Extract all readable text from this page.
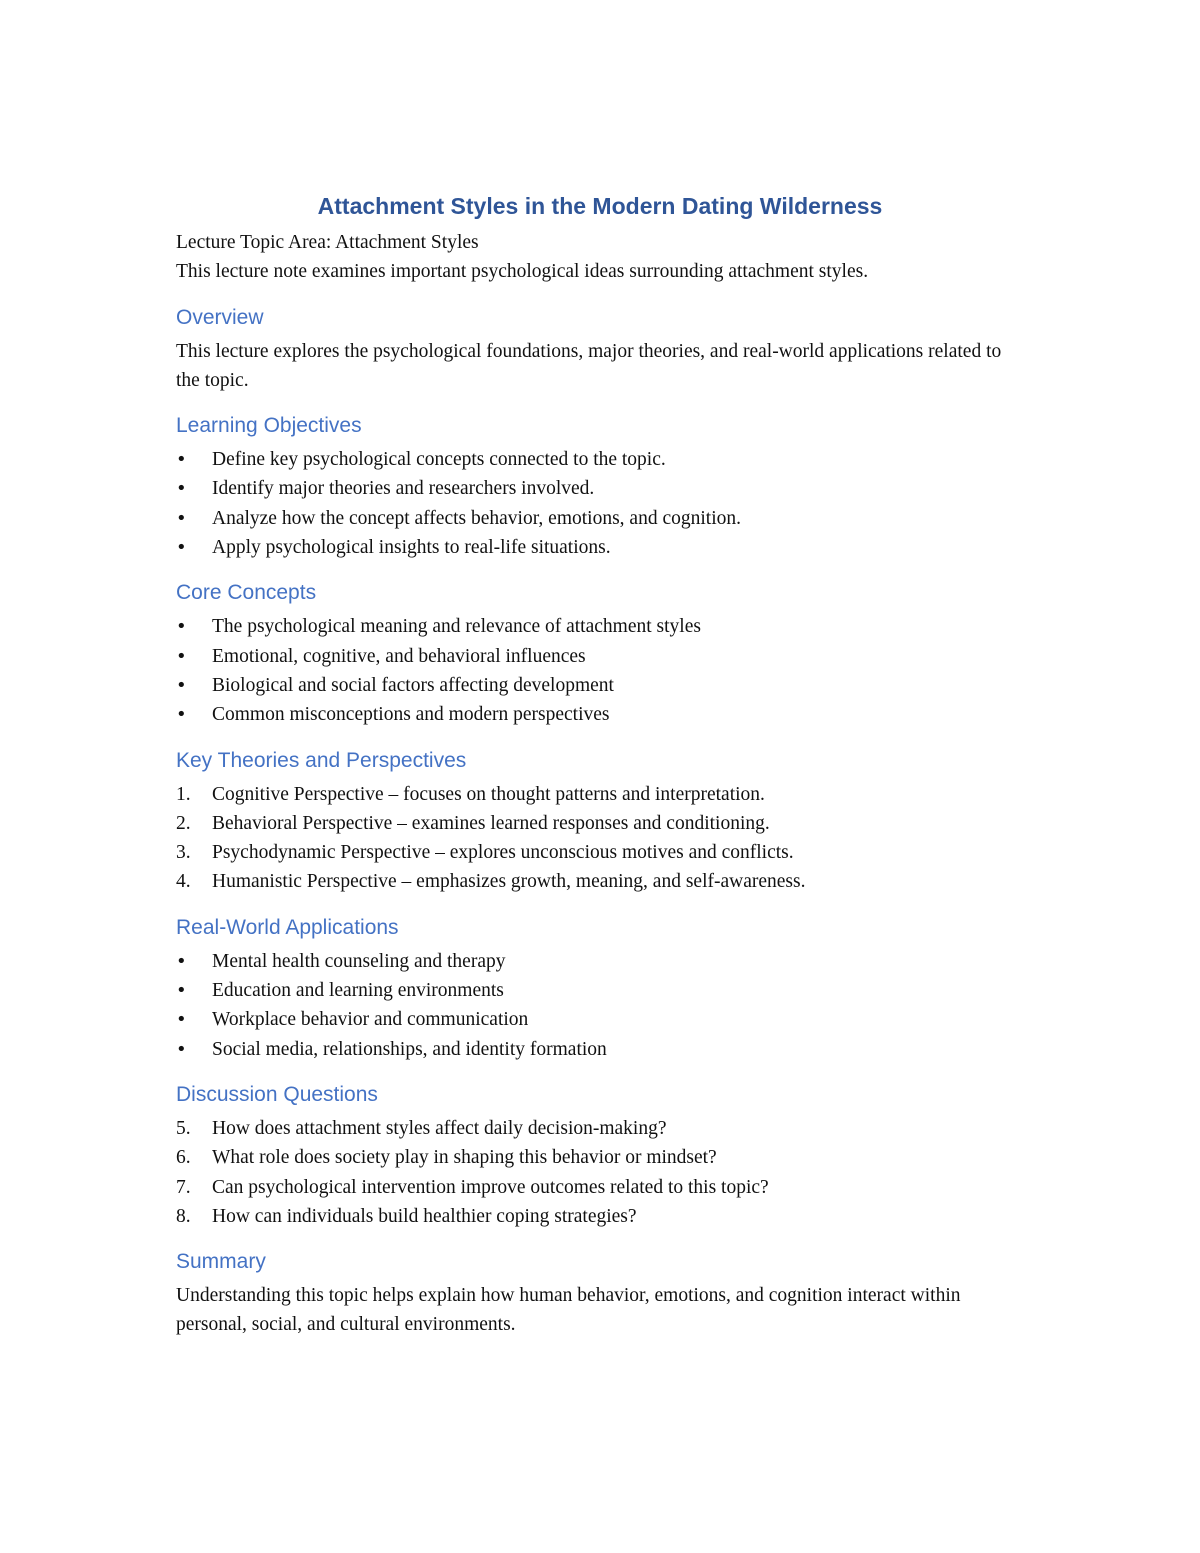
Attachment Styles in the Modern Dating Wilderness

Lecture Topic Area: Attachment Styles

This lecture note examines important psychological ideas surrounding attachment styles.

Overview

This lecture explores the psychological foundations, major theories, and real-world applications related to the topic.

Learning Objectives
• Define key psychological concepts connected to the topic.
• Identify major theories and researchers involved.
• Analyze how the concept affects behavior, emotions, and cognition.
• Apply psychological insights to real-life situations.
Core Concepts
• The psychological meaning and relevance of attachment styles
• Emotional, cognitive, and behavioral influences
• Biological and social factors affecting development
• Common misconceptions and modern perspectives
Key Theories and Perspectives
1. Cognitive Perspective – focuses on thought patterns and interpretation.
2. Behavioral Perspective – examines learned responses and conditioning.
3. Psychodynamic Perspective – explores unconscious motives and conflicts.
4. Humanistic Perspective – emphasizes growth, meaning, and self-awareness.
Real-World Applications
• Mental health counseling and therapy
• Education and learning environments
• Workplace behavior and communication
• Social media, relationships, and identity formation
Discussion Questions
5. How does attachment styles affect daily decision-making?
6. What role does society play in shaping this behavior or mindset?
7. Can psychological intervention improve outcomes related to this topic?
8. How can individuals build healthier coping strategies?
Summary

Understanding this topic helps explain how human behavior, emotions, and cognition interact within personal, social, and cultural environments.
